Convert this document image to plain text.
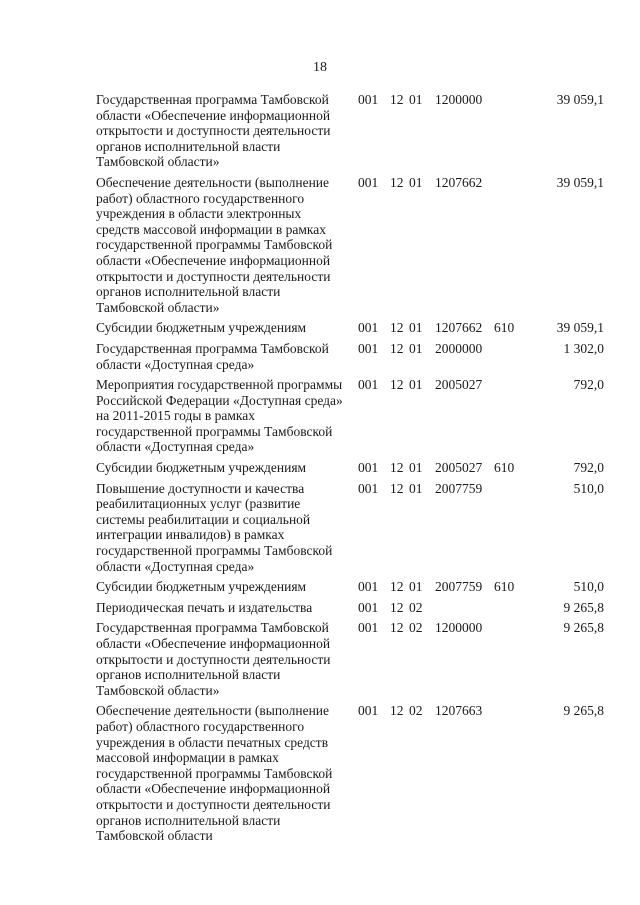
18
Государственная программа Тамбовской
области «Обеспечение информационной
открытости и доступности деятельности
органов исполнительной власти
Тамбовской области»
001 12 01 1200000	39 059,1
Обеспечение деятельности (выполнение
работ) областного государственного
учреждения в области электронных
средств массовой информации в рамках
государственной программы Тамбовской
области «Обеспечение информационной
открытости и доступности деятельности
органов исполнительной власти
Тамбовской области»
001 12 01 1207662	39 059,1
Субсидии бюджетным учреждениям	001 12 01 1207662 610	39 059,1
Государственная программа Тамбовской
области «Доступная среда»
001 12 01 2000000	1 302,0
Мероприятия государственной программы
Российской Федерации «Доступная среда»
на 2011-2015 годы в рамках
государственной программы Тамбовской
области «Доступная среда»
001 12 01 2005027	792,0
Субсидии бюджетным учреждениям	001 12 01 2005027 610	792,0
Повышение доступности и качества
реабилитационных услуг (развитие
системы реабилитации и социальной
интеграции инвалидов) в рамках
государственной программы Тамбовской
области «Доступная среда»
001 12 01 2007759	510,0
Субсидии бюджетным учреждениям	001 12 01 2007759 610	510,0
Периодическая печать и издательства	001 12 02	9 265,8
Государственная программа Тамбовской
области «Обеспечение информационной
открытости и доступности деятельности
органов исполнительной власти
Тамбовской области»
001 12 02 1200000	9 265,8
Обеспечение деятельности (выполнение
работ) областного государственного
учреждения в области печатных средств
массовой информации в рамках
государственной программы Тамбовской
области «Обеспечение информационной
открытости и доступности деятельности
органов исполнительной власти
Тамбовской области
001 12 02 1207663	9 265,8
